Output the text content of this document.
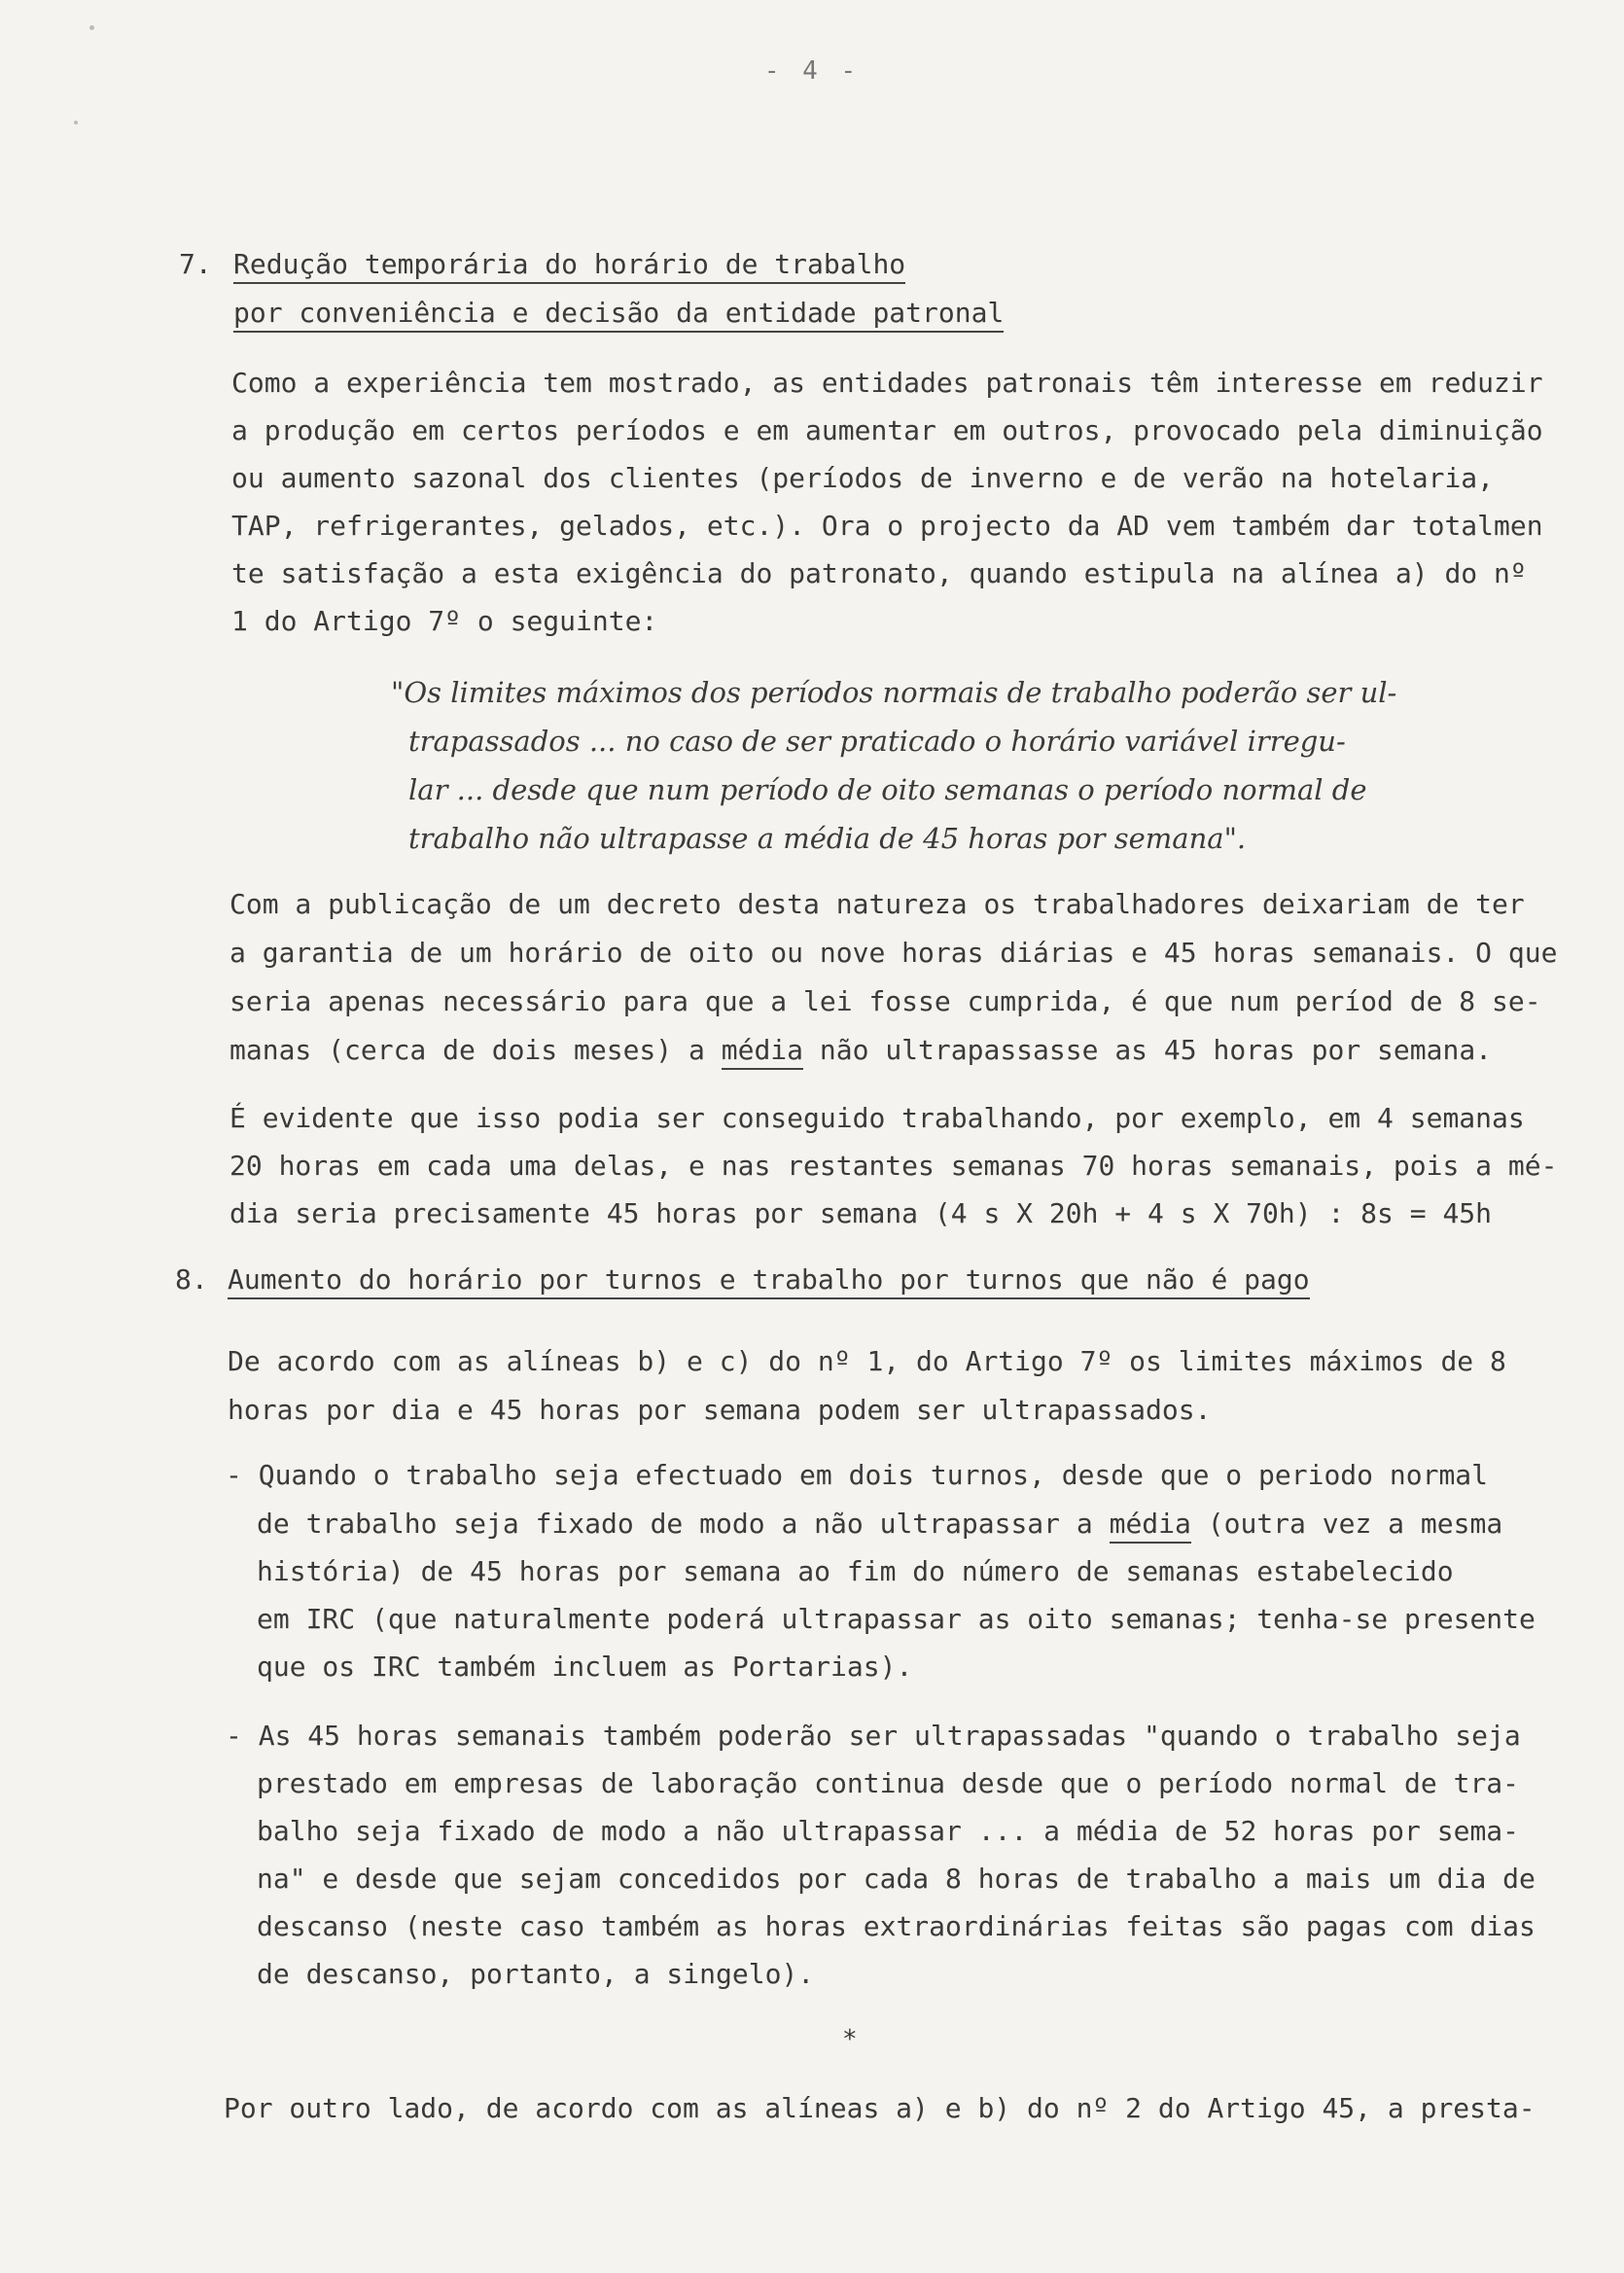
- 4 -
7. Redução temporária do horário de trabalho
por conveniência e decisão da entidade patronal
Como a experiência tem mostrado, as entidades patronais têm interesse em reduzir
a produção em certos períodos e em aumentar em outros, provocado pela diminuição
ou aumento sazonal dos clientes (períodos de inverno e de verão na hotelaria,
TAP, refrigerantes, gelados, etc.). Ora o projecto da AD vem também dar totalmen
te satisfação a esta exigência do patronato, quando estipula na alínea a) do nº
1 do Artigo 7º o seguinte:
"Os limites máximos dos períodos normais de trabalho poderão ser ul-
trapassados ... no caso de ser praticado o horário variável irregu-
lar ... desde que num período de oito semanas o período normal de
trabalho não ultrapasse a média de 45 horas por semana".
Com a publicação de um decreto desta natureza os trabalhadores deixariam de ter
a garantia de um horário de oito ou nove horas diárias e 45 horas semanais. O que
seria apenas necessário para que a lei fosse cumprida, é que num períod de 8 se-
manas (cerca de dois meses) a média não ultrapassasse as 45 horas por semana.
É evidente que isso podia ser conseguido trabalhando, por exemplo, em 4 semanas
20 horas em cada uma delas, e nas restantes semanas 70 horas semanais, pois a mé-
dia seria precisamente 45 horas por semana (4 s X 20h + 4 s X 70h) : 8s = 45h
8. Aumento do horário por turnos e trabalho por turnos que não é pago
De acordo com as alíneas b) e c) do nº 1, do Artigo 7º os limites máximos de 8
horas por dia e 45 horas por semana podem ser ultrapassados.
- Quando o trabalho seja efectuado em dois turnos, desde que o periodo normal
de trabalho seja fixado de modo a não ultrapassar a média (outra vez a mesma
história) de 45 horas por semana ao fim do número de semanas estabelecido
em IRC (que naturalmente poderá ultrapassar as oito semanas; tenha-se presente
que os IRC também incluem as Portarias).
- As 45 horas semanais também poderão ser ultrapassadas "quando o trabalho seja
prestado em empresas de laboração continua desde que o período normal de tra-
balho seja fixado de modo a não ultrapassar ... a média de 52 horas por sema-
na" e desde que sejam concedidos por cada 8 horas de trabalho a mais um dia de
descanso (neste caso também as horas extraordinárias feitas são pagas com dias
de descanso, portanto, a singelo).
*
Por outro lado, de acordo com as alíneas a) e b) do nº 2 do Artigo 45, a presta-
